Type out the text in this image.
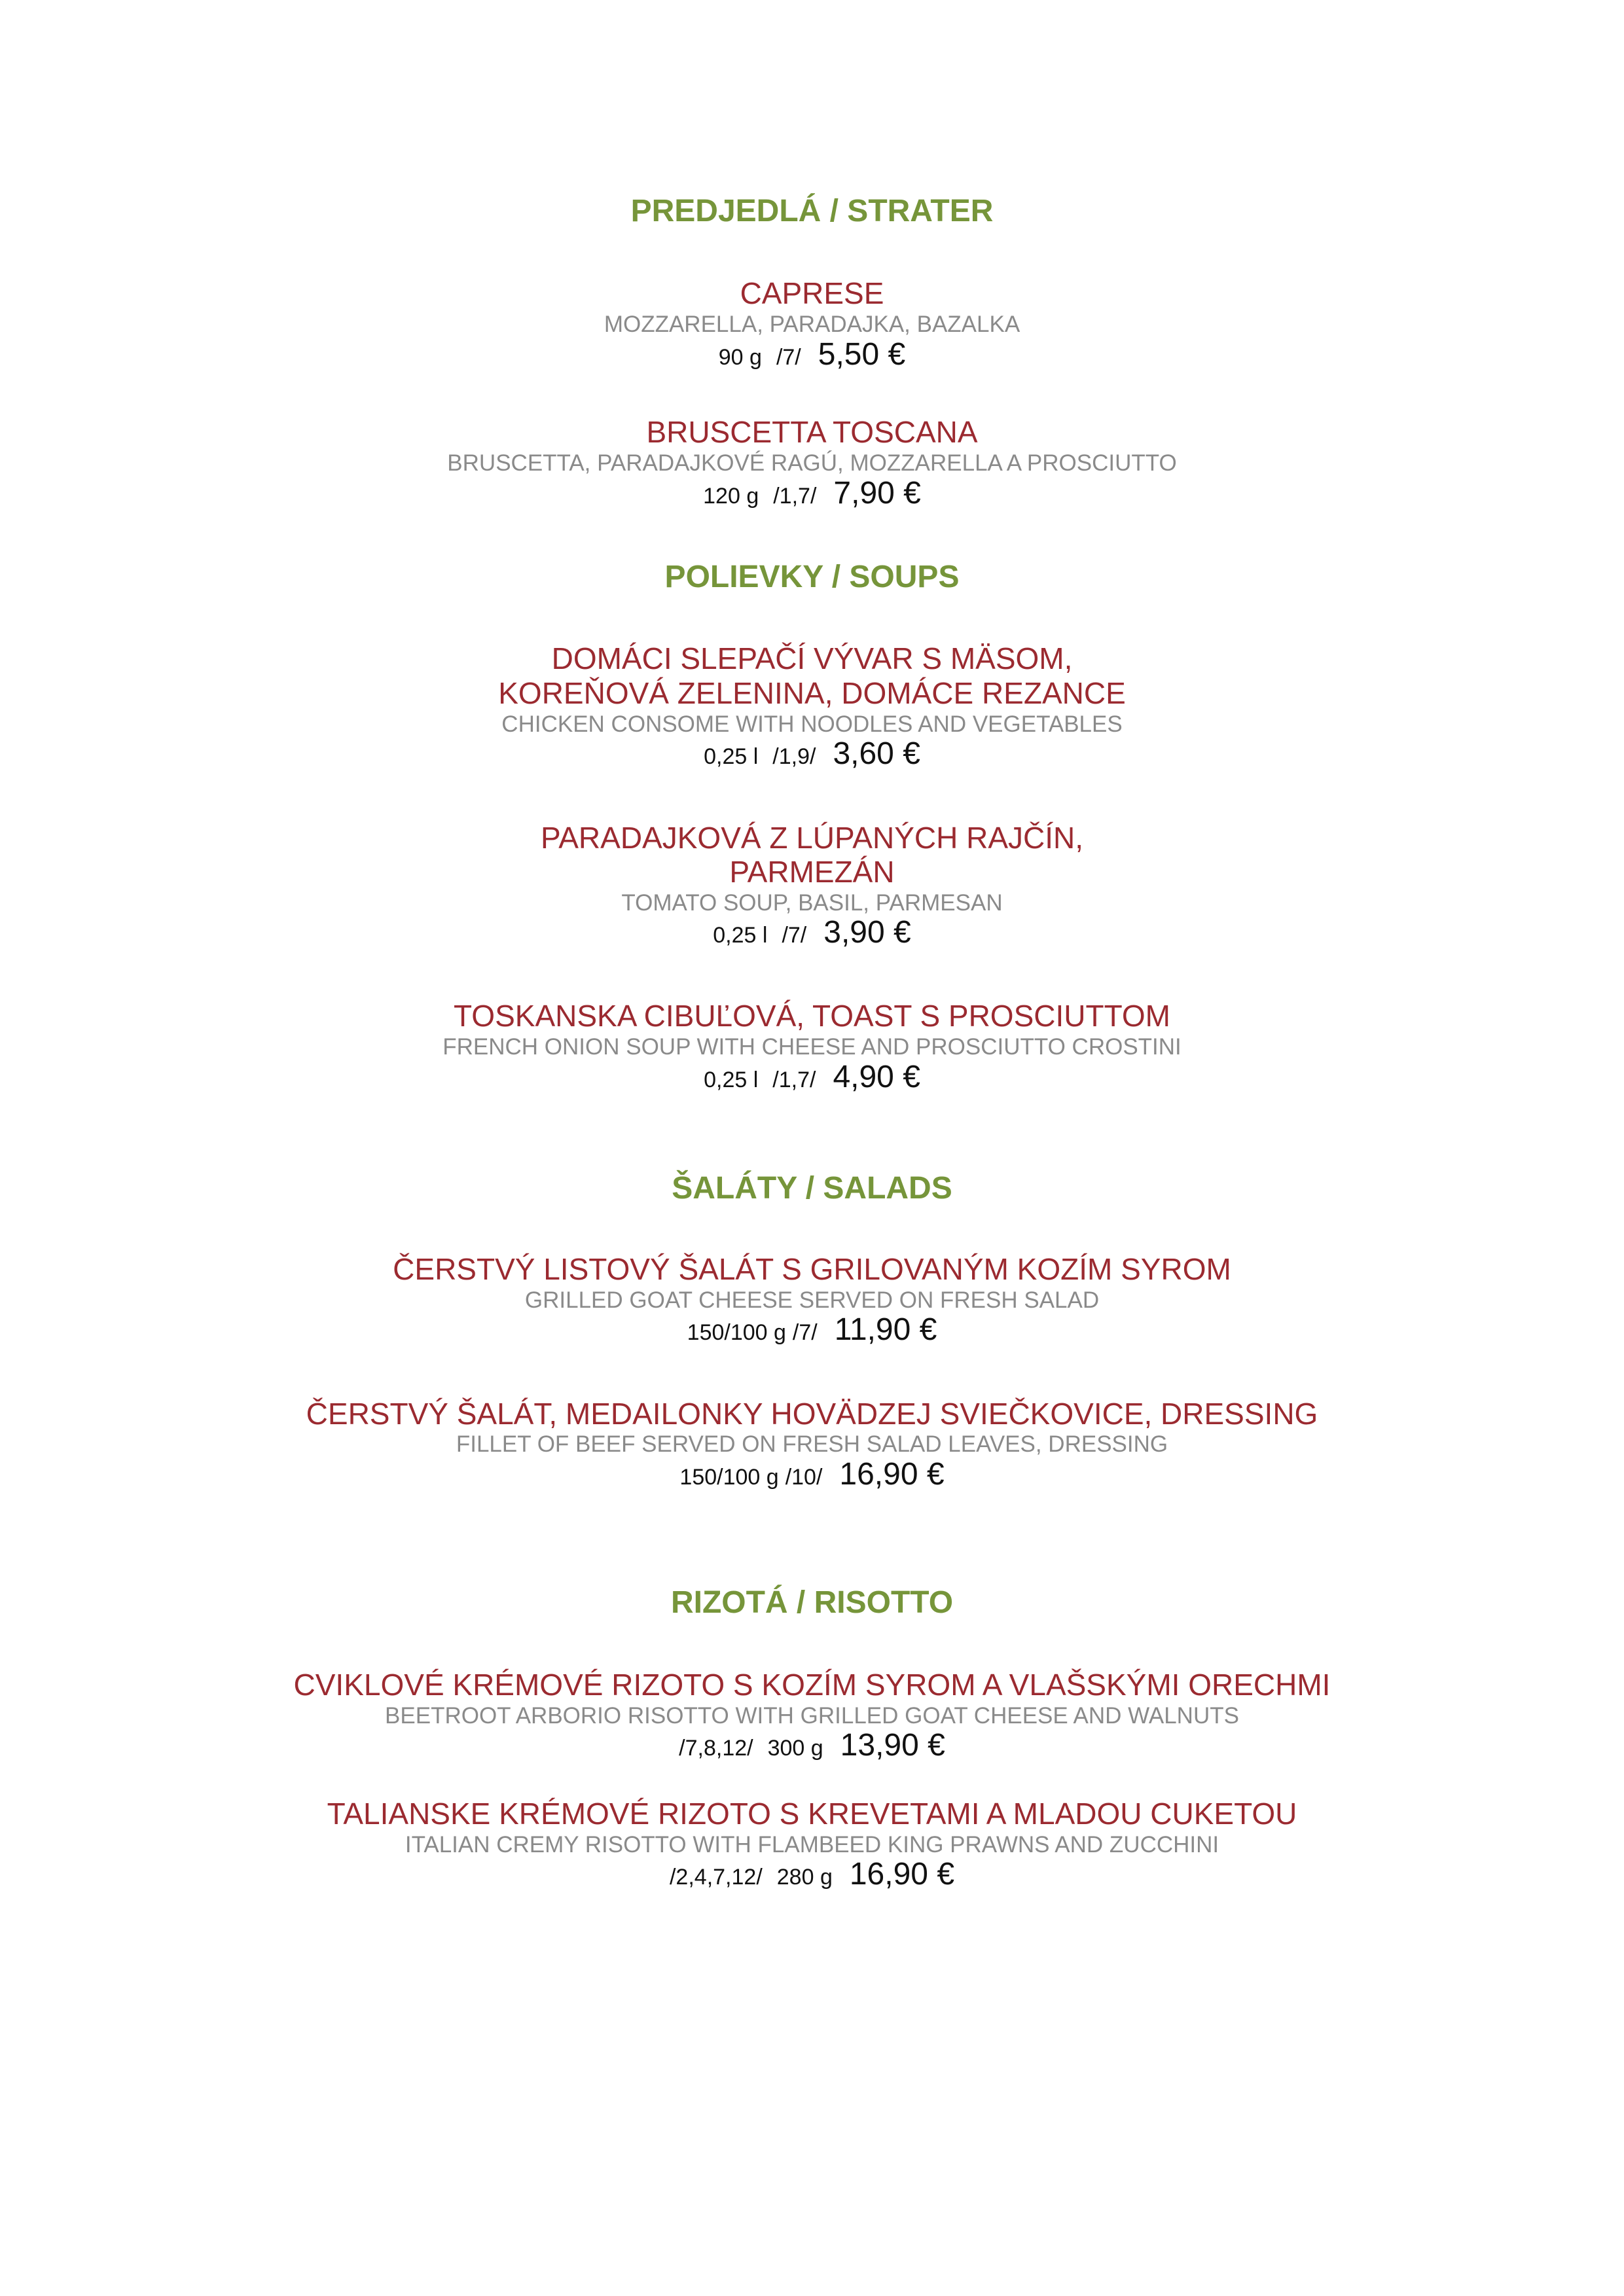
PREDJEDLÁ / STRATER
CAPRESE
MOZZARELLA, PARADAJKA, BAZALKA
90 g /7/ 5,50 €
BRUSCETTA TOSCANA
BRUSCETTA, PARADAJKOVÉ RAGÚ, MOZZARELLA A PROSCIUTTO
120 g /1,7/ 7,90 €
POLIEVKY / SOUPS
DOMÁCI SLEPAČÍ VÝVAR S MÄSOM,
KOREŇOVÁ ZELENINA, DOMÁCE REZANCE
CHICKEN CONSOME WITH NOODLES AND VEGETABLES
0,25 l /1,9/ 3,60 €
PARADAJKOVÁ Z LÚPANÝCH RAJČÍN,
PARMEZÁN
TOMATO SOUP, BASIL, PARMESAN
0,25 l /7/ 3,90 €
TOSKANSKA CIBUĽOVÁ, TOAST S PROSCIUTTOM
FRENCH ONION SOUP WITH CHEESE AND PROSCIUTTO CROSTINI
0,25 l /1,7/ 4,90 €
ŠALÁTY / SALADS
ČERSTVÝ LISTOVÝ ŠALÁT S GRILOVANÝM KOZÍM SYROM
GRILLED GOAT CHEESE SERVED ON FRESH SALAD
150/100 g /7/ 11,90 €
ČERSTVÝ ŠALÁT, MEDAILONKY HOVÄDZEJ SVIEČKOVICE, DRESSING
FILLET OF BEEF SERVED ON FRESH SALAD LEAVES, DRESSING
150/100 g /10/ 16,90 €
RIZOTÁ / RISOTTO
CVIKLOVÉ KRÉMOVÉ RIZOTO S KOZÍM SYROM A VLAŠSKÝMI ORECHMI
BEETROOT ARBORIO RISOTTO WITH GRILLED GOAT CHEESE AND WALNUTS
/7,8,12/ 300 g 13,90 €
TALIANSKE KRÉMOVÉ RIZOTO S KREVETAMI A MLADOU CUKETOU
ITALIAN CREMY RISOTTO WITH FLAMBEED KING PRAWNS AND ZUCCHINI
/2,4,7,12/ 280 g 16,90 €
